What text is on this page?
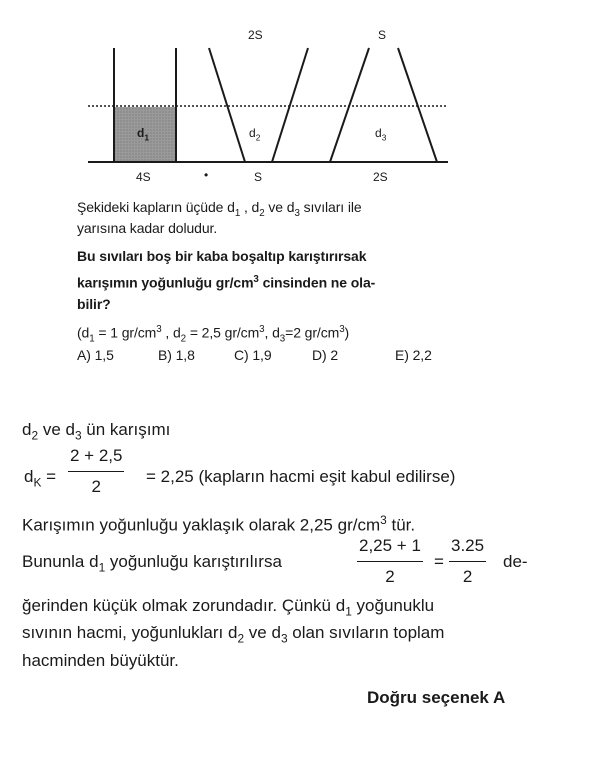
2S	S
$d_1$	$d_2$	$d_3$
4S	•	S	2S
Şekideki kapların üçüde $d_1$ , $d_2$ ve $d_3$ sıvıları ile
yarısına kadar doludur.
Bu sıvıları boş bir kaba boşaltıp karıştırırsak
karışımın yoğunluğu $gr/cm^3$ cinsinden ne ola-
bilir?
($d_1 = 1$ $gr/cm^3$ , $d_2 = 2,5$ $gr/cm^3$, $d_3=2$ $gr/cm^3$)
A) 1,5	B) 1,8	C) 1,9	D) 2	E) 2,2
$d_2$ ve $d_3$ ün karışımı
$d_K = \frac{2 + 2,5}{2} = 2,25$ (kapların hacmi eşit kabul edilirse)
Karışımın yoğunluğu yaklaşık olarak 2,25 $gr/cm^3$ tür.
Bununla $d_1$ yoğunluğu karıştırılırsa	$\frac{2,25 + 1}{2} = \frac{3.25}{2} de-$
ğerinden küçük olmak zorundadır. Çünkü $d_1$ yoğunuklu
sıvının hacmi, yoğunlukları $d_2$ ve $d_3$ olan sıvıların toplam
hacminden büyüktür.
Doğru seçenek A
